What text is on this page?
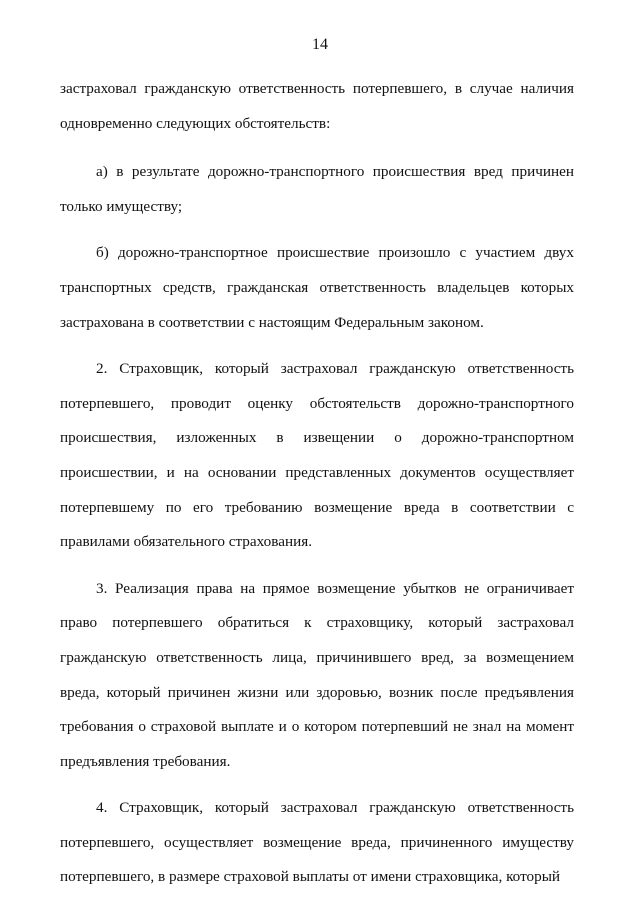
14

застраховал гражданскую ответственность потерпевшего, в случае наличия одновременно следующих обстоятельств:

а) в результате дорожно-транспортного происшествия вред причинен только имуществу;

б) дорожно-транспортное происшествие произошло с участием двух транспортных средств, гражданская ответственность владельцев которых застрахована в соответствии с настоящим Федеральным законом.

2. Страховщик, который застраховал гражданскую ответственность потерпевшего, проводит оценку обстоятельств дорожно-транспортного происшествия, изложенных в извещении о дорожно-транспортном происшествии, и на основании представленных документов осуществляет потерпевшему по его требованию возмещение вреда в соответствии с правилами обязательного страхования.

3. Реализация права на прямое возмещение убытков не ограничивает право потерпевшего обратиться к страховщику, который застраховал гражданскую ответственность лица, причинившего вред, за возмещением вреда, который причинен жизни или здоровью, возник после предъявления требования о страховой выплате и о котором потерпевший не знал на момент предъявления требования.

4. Страховщик, который застраховал гражданскую ответственность потерпевшего, осуществляет возмещение вреда, причиненного имуществу потерпевшего, в размере страховой выплаты от имени страховщика, который
